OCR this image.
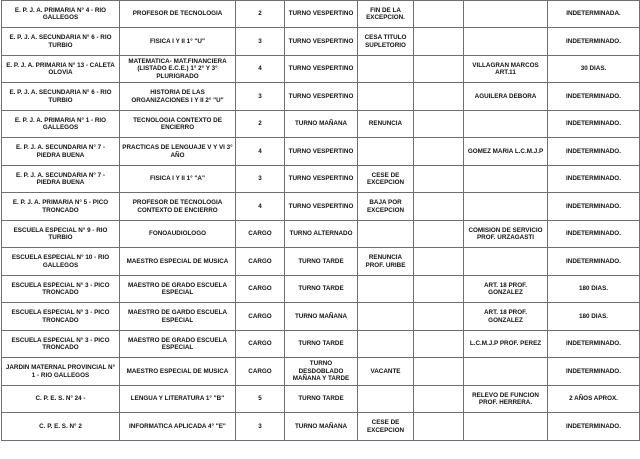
E. P. J. A. PRIMARIA N° 4 - RIO GALLEGOS	PROFESOR DE TECNOLOGIA	2	TURNO VESPERTINO	FIN DE LA EXCEPCION.			INDETERMINADA.
E. P. J. A. SECUNDARIA N° 6 - RIO TURBIO	FISICA I Y II 1° "U"	3	TURNO VESPERTINO	CESA TITULO SUPLETORIO			INDETERMINADO.
E. P. J. A. PRIMARIA N° 13 - CALETA OLOVIA	MATEMATICA- MAT.FINANCIERA (LISTADO E.C.E.) 1° 2° Y 3° PLURIGRADO	4	TURNO VESPERTINO			VILLAGRAN MARCOS ART.11	30 DIAS.
E. P. J. A. SECUNDARIA N° 6 - RIO TURBIO	HISTORIA DE LAS ORGANIZACIONES I Y II 2° "U"	3	TURNO VESPERTINO			AGUILERA DEBORA	INDETERMINADO.
E. P. J. A. PRIMARIA N° 1 - RIO GALLEGOS	TECNOLOGIA CONTEXTO DE ENCIERRO	2	TURNO MAÑANA	RENUNCIA			INDETERMINADO.
E. P. J. A. SECUNDARIA N° 7 - PIEDRA BUENA	PRACTICAS DE LENGUAJE V Y VI 3° AÑO	4	TURNO VESPERTINO			GOMEZ MARIA L.C.M.J.P	INDETERMINADO.
E. P. J. A. SECUNDARIA N° 7 - PIEDRA BUENA	FISICA I Y II 1° "A"	3	TURNO VESPERTINO	CESE DE EXCEPCION			INDETERMINADO.
E. P. J. A. PRIMARIA N° 5 - PICO TRONCADO	PROFESOR DE TECNOLOGIA CONTEXTO DE ENCIERRO	4	TURNO VESPERTINO	BAJA POR EXCEPCION			INDETERMINADO.
ESCUELA ESPECIAL N° 9 - RIO TURBIO	FONOAUDIOLOGO	CARGO	TURNO ALTERNADO			COMISION DE SERVICIO PROF. URZAGASTI	INDETERMINADO.
ESCUELA ESPECIAL N° 10 - RIO GALLEGOS	MAESTRO ESPECIAL DE MUSICA	CARGO	TURNO TARDE	RENUNCIA PROF. URIBE			INDETERMINADO.
ESCUELA ESPECIAL N° 3 - PICO TRONCADO	MAESTRO DE GRADO ESCUELA ESPECIAL	CARGO	TURNO TARDE			ART. 18 PROF. GONZALEZ	180 DIAS.
ESCUELA ESPECIAL N° 3 - PICO TRONCADO	MAESTRO DE GARDO ESCUELA ESPECIAL	CARGO	TURNO MAÑANA			ART. 18 PROF. GONZALEZ	180 DIAS.
ESCUELA ESPECIAL N° 3 - PICO TRONCADO	MAESTRO DE GRADO ESCUELA ESPECIAL	CARGO	TURNO TARDE			L.C.M.J.P PROF. PEREZ	INDETERMINADO.
JARDIN MATERNAL PROVINCIAL N° 1 - RIO GALLEGOS	MAESTRO ESPECIAL DE MUSICA	CARGO	TURNO DESDOBLADO MAÑANA Y TARDE	VACANTE			INDETERMINADO.
C. P. E. S. N° 24 -	LENGUA Y LITERATURA 1° "B"	5	TURNO TARDE			RELEVO DE FUNCION PROF. HERRERA.	2 AÑOS APROX.
C. P. E. S. N° 2	INFORMATICA APLICADA 4° "E"	3	TURNO MAÑANA	CESE DE EXCEPCION			INDETERMINADO.
